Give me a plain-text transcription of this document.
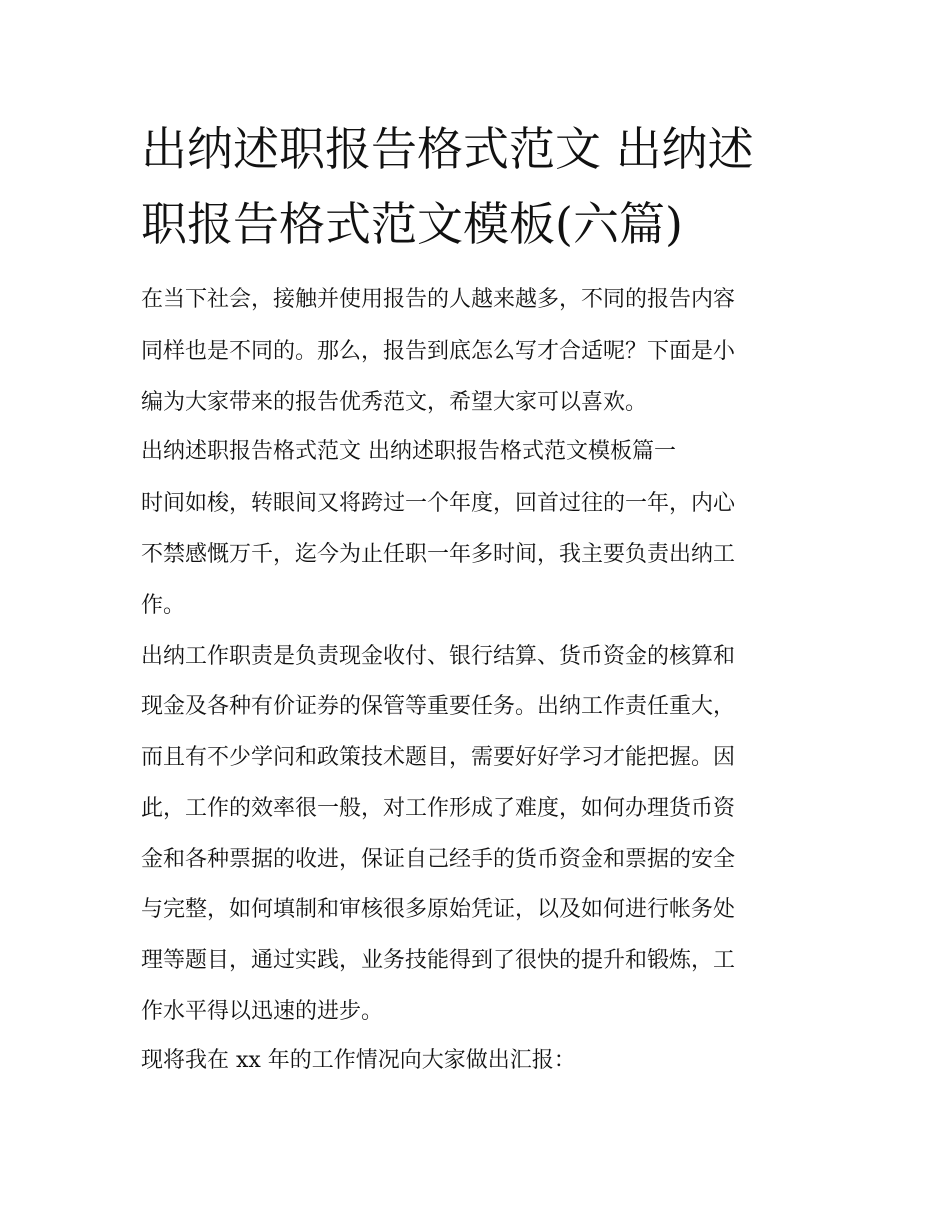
出纳述职报告格式范文 出纳述
职报告格式范文模板(六篇)
在当下社会，接触并使用报告的人越来越多，不同的报告内容
同样也是不同的。那么，报告到底怎么写才合适呢？下面是小
编为大家带来的报告优秀范文，希望大家可以喜欢。
出纳述职报告格式范文 出纳述职报告格式范文模板篇一
时间如梭，转眼间又将跨过一个年度，回首过往的一年，内心
不禁感慨万千，迄今为止任职一年多时间，我主要负责出纳工
作。
出纳工作职责是负责现金收付、银行结算、货币资金的核算和
现金及各种有价证券的保管等重要任务。出纳工作责任重大，
而且有不少学问和政策技术题目，需要好好学习才能把握。因
此，工作的效率很一般，对工作形成了难度，如何办理货币资
金和各种票据的收进，保证自己经手的货币资金和票据的安全
与完整，如何填制和审核很多原始凭证，以及如何进行帐务处
理等题目，通过实践，业务技能得到了很快的提升和锻炼，工
作水平得以迅速的进步。
现将我在 xx 年的工作情况向大家做出汇报：
